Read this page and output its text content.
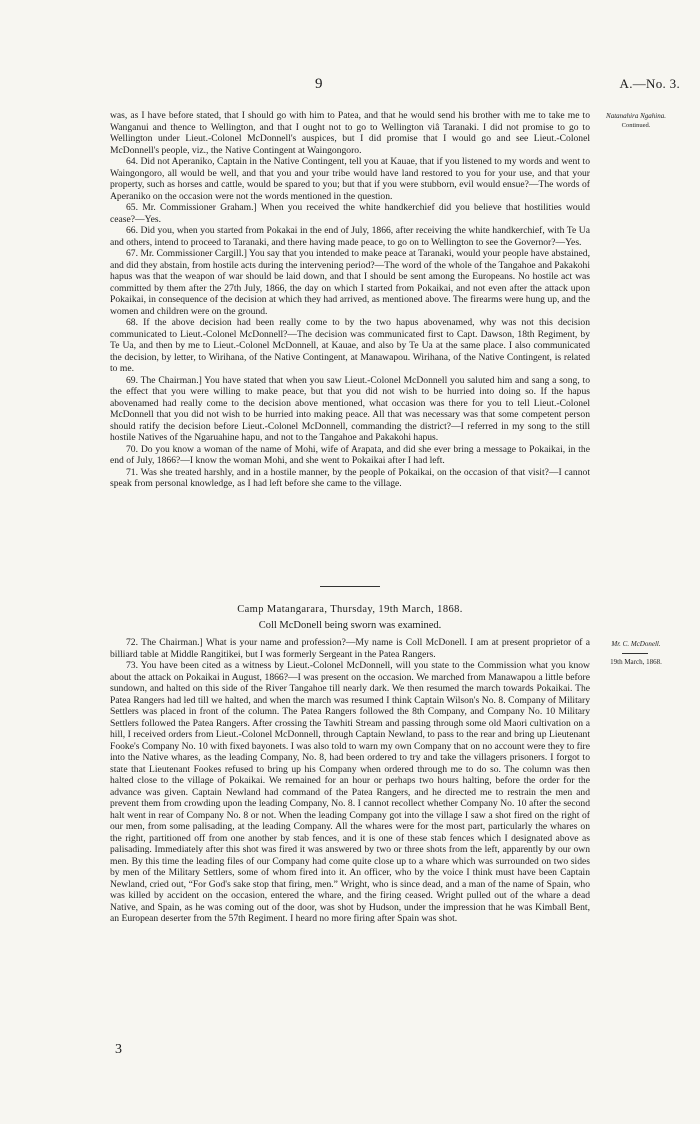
9	A.—No. 3.
Natanahira Ngahina.
Continued.

was, as I have before stated, that I should go with him to Patea, and that he would send his brother with me to take me to Wanganui and thence to Wellington, and that I ought not to go to Wellington viâ Taranaki. I did not promise to go to Wellington under Lieut.-Colonel McDonnell's auspices, but I did promise that I would go and see Lieut.-Colonel McDonnell's people, viz., the Native Contingent at Waingongoro.

64. Did not Aperaniko, Captain in the Native Contingent, tell you at Kauae, that if you listened to my words and went to Waingongoro, all would be well, and that you and your tribe would have land restored to you for your use, and that your property, such as horses and cattle, would be spared to you; but that if you were stubborn, evil would ensue?—The words of Aperaniko on the occasion were not the words mentioned in the question.

65. Mr. Commissioner Graham.] When you received the white handkerchief did you believe that hostilities would cease?—Yes.

66. Did you, when you started from Pokakai in the end of July, 1866, after receiving the white handkerchief, with Te Ua and others, intend to proceed to Taranaki, and there having made peace, to go on to Wellington to see the Governor?—Yes.

67. Mr. Commissioner Cargill.] You say that you intended to make peace at Taranaki, would your people have abstained, and did they abstain, from hostile acts during the intervening period?—The word of the whole of the Tangahoe and Pakakohi hapus was that the weapon of war should be laid down, and that I should be sent among the Europeans. No hostile act was committed by them after the 27th July, 1866, the day on which I started from Pokaikai, and not even after the attack upon Pokaikai, in consequence of the decision at which they had arrived, as mentioned above. The firearms were hung up, and the women and children were on the ground.

68. If the above decision had been really come to by the two hapus abovenamed, why was not this decision communicated to Lieut.-Colonel McDonnell?—The decision was communicated first to Capt. Dawson, 18th Regiment, by Te Ua, and then by me to Lieut.-Colonel McDonnell, at Kauae, and also by Te Ua at the same place. I also communicated the decision, by letter, to Wirihana, of the Native Contingent, at Manawapou. Wirihana, of the Native Contingent, is related to me.

69. The Chairman.] You have stated that when you saw Lieut.-Colonel McDonnell you saluted him and sang a song, to the effect that you were willing to make peace, but that you did not wish to be hurried into doing so. If the hapus abovenamed had really come to the decision above mentioned, what occasion was there for you to tell Lieut.-Colonel McDonnell that you did not wish to be hurried into making peace. All that was necessary was that some competent person should ratify the decision before Lieut.-Colonel McDonnell, commanding the district?—I referred in my song to the still hostile Natives of the Ngaruahine hapu, and not to the Tangahoe and Pakakohi hapus.

70. Do you know a woman of the name of Mohi, wife of Arapata, and did she ever bring a message to Pokaikai, in the end of July, 1866?—I know the woman Mohi, and she went to Pokaikai after I had left.

71. Was she treated harshly, and in a hostile manner, by the people of Pokaikai, on the occasion of that visit?—I cannot speak from personal knowledge, as I had left before she came to the village.

Camp Matangarara, Thursday, 19th March, 1868.
Coll McDonell being sworn was examined.
Mr. C. McDonell.
19th March, 1868.

72. The Chairman.] What is your name and profession?—My name is Coll McDonell. I am at present proprietor of a billiard table at Middle Rangitikei, but I was formerly Sergeant in the Patea Rangers.

73. You have been cited as a witness by Lieut.-Colonel McDonnell, will you state to the Commission what you know about the attack on Pokaikai in August, 1866?—I was present on the occasion. We marched from Manawapou a little before sundown, and halted on this side of the River Tangahoe till nearly dark. We then resumed the march towards Pokaikai. The Patea Rangers had led till we halted, and when the march was resumed I think Captain Wilson's No. 8. Company of Military Settlers was placed in front of the column. The Patea Rangers followed the 8th Company, and Company No. 10 Military Settlers followed the Patea Rangers. After crossing the Tawhiti Stream and passing through some old Maori cultivation on a hill, I received orders from Lieut.-Colonel McDonnell, through Captain Newland, to pass to the rear and bring up Lieutenant Fooke's Company No. 10 with fixed bayonets. I was also told to warn my own Company that on no account were they to fire into the Native whares, as the leading Company, No. 8, had been ordered to try and take the villagers prisoners. I forgot to state that Lieutenant Fookes refused to bring up his Company when ordered through me to do so. The column was then halted close to the village of Pokaikai. We remained for an hour or perhaps two hours halting, before the order for the advance was given. Captain Newland had command of the Patea Rangers, and he directed me to restrain the men and prevent them from crowding upon the leading Company, No. 8. I cannot recollect whether Company No. 10 after the second halt went in rear of Company No. 8 or not. When the leading Company got into the village I saw a shot fired on the right of our men, from some palisading, at the leading Company. All the whares were for the most part, particularly the whares on the right, partitioned off from one another by stab fences, and it is one of these stab fences which I designated above as palisading. Immediately after this shot was fired it was answered by two or three shots from the left, apparently by our own men. By this time the leading files of our Company had come quite close up to a whare which was surrounded on two sides by men of the Military Settlers, some of whom fired into it. An officer, who by the voice I think must have been Captain Newland, cried out, “For God's sake stop that firing, men.” Wright, who is since dead, and a man of the name of Spain, who was killed by accident on the occasion, entered the whare, and the firing ceased. Wright pulled out of the whare a dead Native, and Spain, as he was coming out of the door, was shot by Hudson, under the impression that he was Kimball Bent, an European deserter from the 57th Regiment. I heard no more firing after Spain was shot.

3
